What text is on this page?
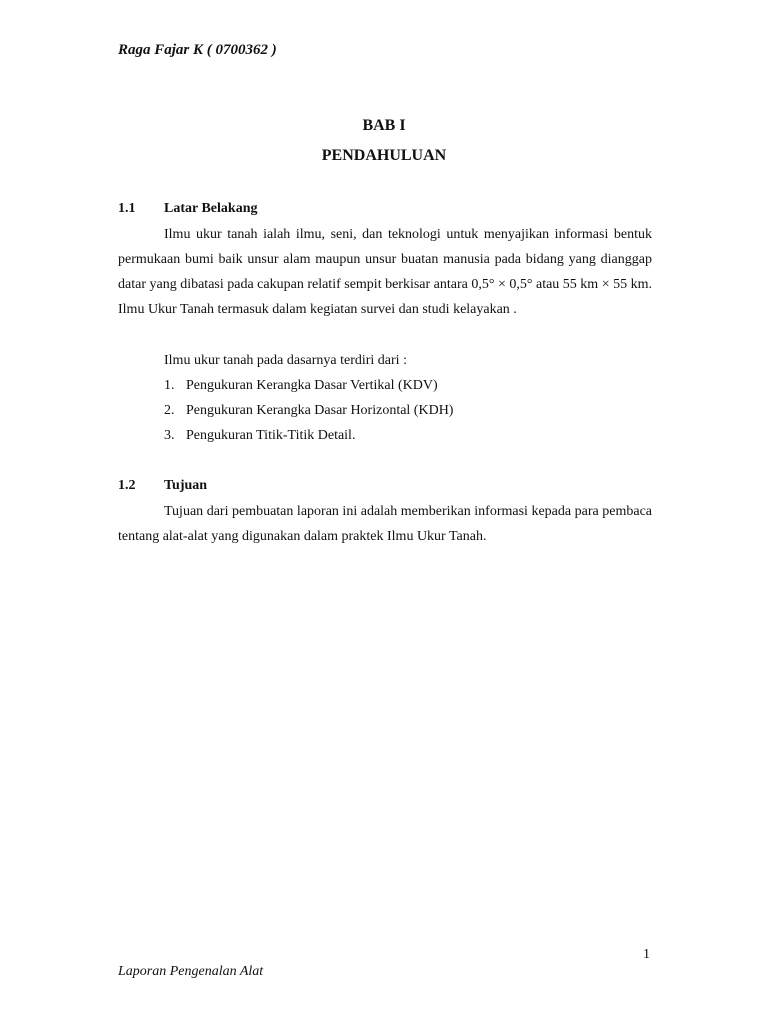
Raga Fajar K ( 0700362 )
BAB I
PENDAHULUAN
1.1 Latar Belakang

Ilmu ukur tanah ialah ilmu, seni, dan teknologi untuk menyajikan informasi bentuk permukaan bumi baik unsur alam maupun unsur buatan manusia pada bidang yang dianggap datar yang dibatasi pada cakupan relatif sempit berkisar antara 0,5° × 0,5° atau 55 km × 55 km. Ilmu Ukur Tanah termasuk dalam kegiatan survei dan studi kelayakan .

Ilmu ukur tanah pada dasarnya terdiri dari :

1. Pengukuran Kerangka Dasar Vertikal (KDV)
2. Pengukuran Kerangka Dasar Horizontal (KDH)
3. Pengukuran Titik-Titik Detail.
1.2 Tujuan

Tujuan dari pembuatan laporan ini adalah memberikan informasi kepada para pembaca tentang alat-alat yang digunakan dalam praktek Ilmu Ukur Tanah.

1
Laporan Pengenalan Alat
